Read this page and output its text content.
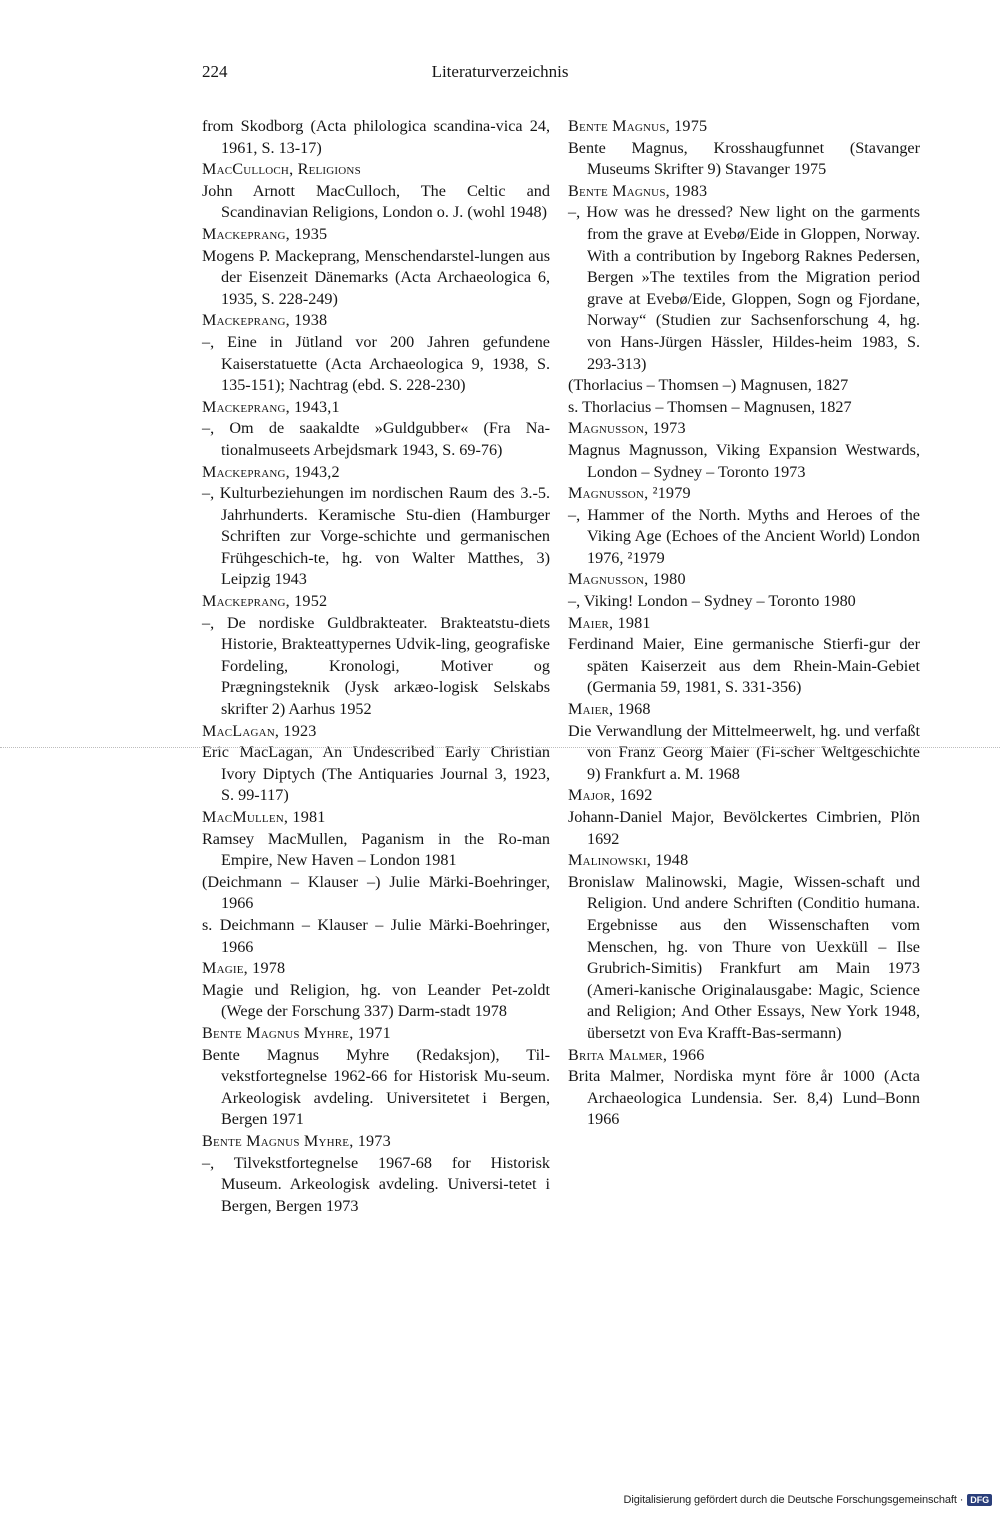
224	Literaturverzeichnis
from Skodborg (Acta philologica scandina-vica 24, 1961, S. 13-17)
MacCulloch, Religions
John Arnott MacCulloch, The Celtic and Scandinavian Religions, London o. J. (wohl 1948)
Mackeprang, 1935
Mogens P. Mackeprang, Menschendarstel-lungen aus der Eisenzeit Dänemarks (Acta Archaeologica 6, 1935, S. 228-249)
Mackeprang, 1938
–, Eine in Jütland vor 200 Jahren gefundene Kaiserstatuette (Acta Archaeologica 9, 1938, S. 135-151); Nachtrag (ebd. S. 228-230)
Mackeprang, 1943,1
–, Om de saakaldte »Guldgubber« (Fra Na-tionalmuseets Arbejdsmark 1943, S. 69-76)
Mackeprang, 1943,2
–, Kulturbeziehungen im nordischen Raum des 3.-5. Jahrhunderts. Keramische Stu-dien (Hamburger Schriften zur Vorge-schichte und germanischen Frühgeschich-te, hg. von Walter Matthes, 3) Leipzig 1943
Mackeprang, 1952
–, De nordiske Guldbrakteater. Brakteatstu-diets Historie, Brakteattypernes Udvik-ling, geografiske Fordeling, Kronologi, Motiver og Prægningsteknik (Jysk arkæo-logisk Selskabs skrifter 2) Aarhus 1952
MacLagan, 1923
Eric MacLagan, An Undescribed Early Christian Ivory Diptych (The Antiquaries Journal 3, 1923, S. 99-117)
MacMullen, 1981
Ramsey MacMullen, Paganism in the Ro-man Empire, New Haven – London 1981
(Deichmann – Klauser –) Julie Märki-Boehringer, 1966
s. Deichmann – Klauser – Julie Märki-Boehringer, 1966
Magie, 1978
Magie und Religion, hg. von Leander Pet-zoldt (Wege der Forschung 337) Darm-stadt 1978
Bente Magnus Myhre, 1971
Bente Magnus Myhre (Redaksjon), Til-vekstfortegnelse 1962-66 for Historisk Mu-seum. Arkeologisk avdeling. Universitetet i Bergen, Bergen 1971
Bente Magnus Myhre, 1973
–, Tilvekstfortegnelse 1967-68 for Historisk Museum. Arkeologisk avdeling. Universi-tetet i Bergen, Bergen 1973
Bente Magnus, 1975
Bente Magnus, Krosshaugfunnet (Stavanger Museums Skrifter 9) Stavanger 1975
Bente Magnus, 1983
–, How was he dressed? New light on the garments from the grave at Evebø/Eide in Gloppen, Norway. With a contribution by Ingeborg Raknes Pedersen, Bergen »The textiles from the Migration period grave at Evebø/Eide, Gloppen, Sogn og Fjordane, Norway“ (Studien zur Sachsenforschung 4, hg. von Hans-Jürgen Hässler, Hildes-heim 1983, S. 293-313)
(Thorlacius – Thomsen –) Magnusen, 1827
s. Thorlacius – Thomsen – Magnusen, 1827
Magnusson, 1973
Magnus Magnusson, Viking Expansion Westwards, London – Sydney – Toronto 1973
Magnusson, ²1979
–, Hammer of the North. Myths and Heroes of the Viking Age (Echoes of the Ancient World) London 1976, ²1979
Magnusson, 1980
–, Viking! London – Sydney – Toronto 1980
Maier, 1981
Ferdinand Maier, Eine germanische Stierfi-gur der späten Kaiserzeit aus dem Rhein-Main-Gebiet (Germania 59, 1981, S. 331-356)
Maier, 1968
Die Verwandlung der Mittelmeerwelt, hg. und verfaßt von Franz Georg Maier (Fi-scher Weltgeschichte 9) Frankfurt a. M. 1968
Major, 1692
Johann-Daniel Major, Bevölckertes Cimbrien, Plön 1692
Malinowski, 1948
Bronislaw Malinowski, Magie, Wissen-schaft und Religion. Und andere Schriften (Conditio humana. Ergebnisse aus den Wissenschaften vom Menschen, hg. von Thure von Uexküll – Ilse Grubrich-Simitis) Frankfurt am Main 1973 (Ameri-kanische Originalausgabe: Magic, Science and Religion; And Other Essays, New York 1948, übersetzt von Eva Krafft-Bas-sermann)
Brita Malmer, 1966
Brita Malmer, Nordiska mynt före år 1000 (Acta Archaeologica Lundensia. Ser. 8,4) Lund–Bonn 1966
Digitalisierung gefördert durch die Deutsche Forschungsgemeinschaft · DFG
